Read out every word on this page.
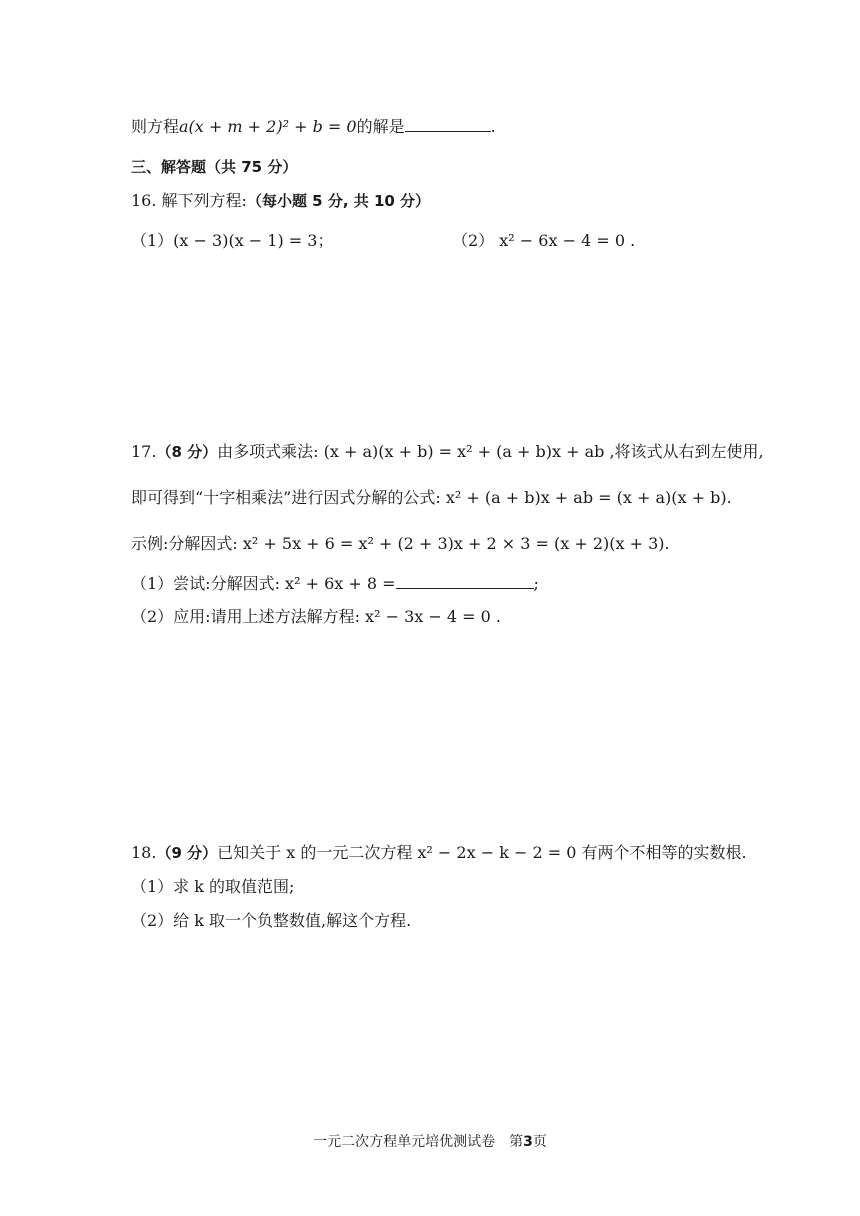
则方程a(x + m + 2)² + b = 0的解是	.
三、解答题（共 75 分）
16. 解下列方程:（每小题 5 分, 共 10 分）
（1）(x − 3)(x − 1) = 3；	（2） x² − 6x − 4 = 0 .
17.（8 分）由多项式乘法: (x + a)(x + b) = x² + (a + b)x + ab ,将该式从右到左使用,
即可得到“十字相乘法”进行因式分解的公式: x² + (a + b)x + ab = (x + a)(x + b).
示例:分解因式: x² + 5x + 6 = x² + (2 + 3)x + 2 × 3 = (x + 2)(x + 3).
（1）尝试:分解因式: x² + 6x + 8 =	;
（2）应用:请用上述方法解方程: x² − 3x − 4 = 0 .
18.（9 分）已知关于 x 的一元二次方程 x² − 2x − k − 2 = 0 有两个不相等的实数根.
（1）求 k 的取值范围;
（2）给 k 取一个负整数值,解这个方程.
一元二次方程单元培优测试卷　第3页
